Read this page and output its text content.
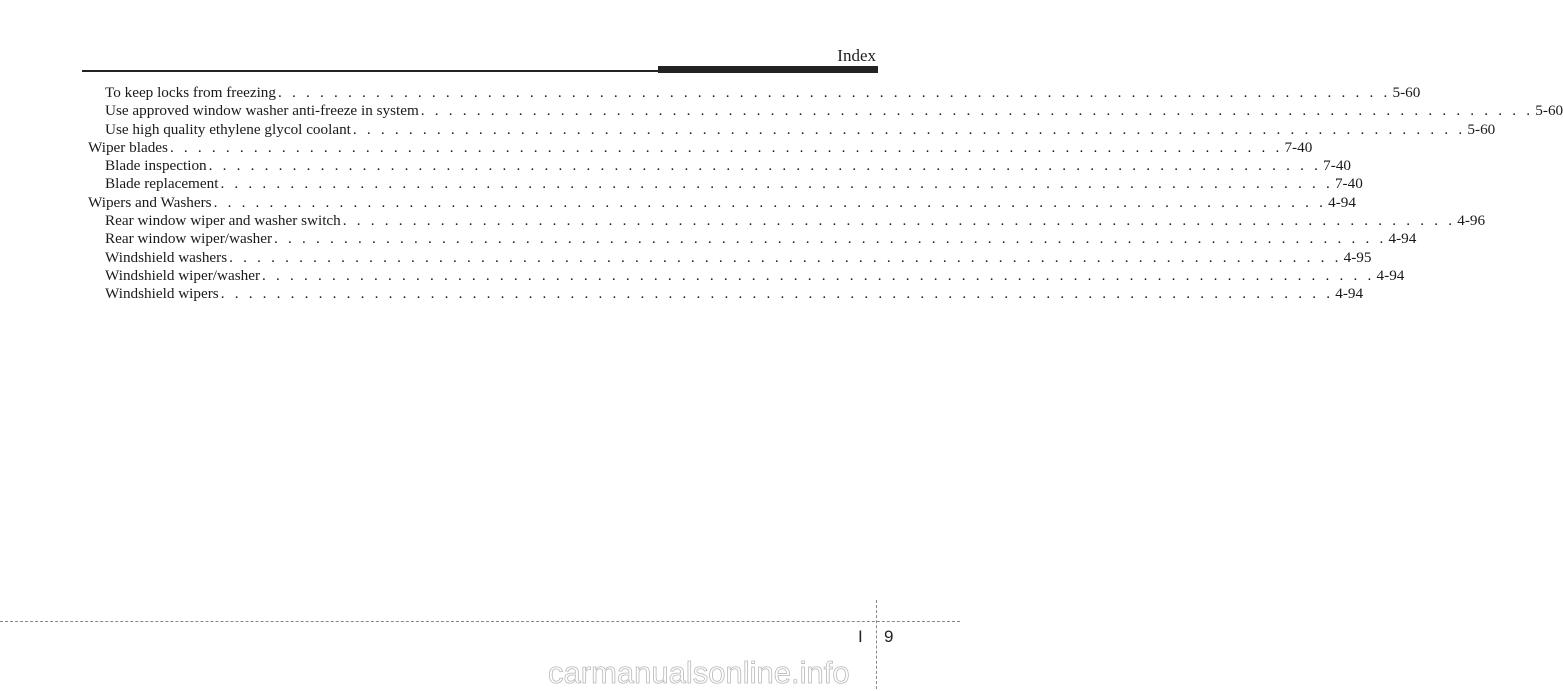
Index
To keep locks from freezing . . . . . . . . . . . . . . . . . . . . . . . . . . . . . . . . . . . . . . . . . . . . . . . . . . . . . . . . . . . . . . . . . . . . . . . . . . . . . . . . 5-60
Use approved window washer anti-freeze in system . . . . . . . . . . . . . . . . . . . . . . . . . . . . . . . . . . . . . . . . . . . . . . . . . . . . . . . . . . . . . . . . . . . . . . . . . . . . . . . . 5-60
Use high quality ethylene glycol coolant . . . . . . . . . . . . . . . . . . . . . . . . . . . . . . . . . . . . . . . . . . . . . . . . . . . . . . . . . . . . . . . . . . . . . . . . . . . . . . . . 5-60
Wiper blades . . . . . . . . . . . . . . . . . . . . . . . . . . . . . . . . . . . . . . . . . . . . . . . . . . . . . . . . . . . . . . . . . . . . . . . . . . . . . . . . 7-40
Blade inspection . . . . . . . . . . . . . . . . . . . . . . . . . . . . . . . . . . . . . . . . . . . . . . . . . . . . . . . . . . . . . . . . . . . . . . . . . . . . . . . . 7-40
Blade replacement . . . . . . . . . . . . . . . . . . . . . . . . . . . . . . . . . . . . . . . . . . . . . . . . . . . . . . . . . . . . . . . . . . . . . . . . . . . . . . . . 7-40
Wipers and Washers . . . . . . . . . . . . . . . . . . . . . . . . . . . . . . . . . . . . . . . . . . . . . . . . . . . . . . . . . . . . . . . . . . . . . . . . . . . . . . . . 4-94
Rear window wiper and washer switch . . . . . . . . . . . . . . . . . . . . . . . . . . . . . . . . . . . . . . . . . . . . . . . . . . . . . . . . . . . . . . . . . . . . . . . . . . . . . . . . 4-96
Rear window wiper/washer . . . . . . . . . . . . . . . . . . . . . . . . . . . . . . . . . . . . . . . . . . . . . . . . . . . . . . . . . . . . . . . . . . . . . . . . . . . . . . . . 4-94
Windshield washers . . . . . . . . . . . . . . . . . . . . . . . . . . . . . . . . . . . . . . . . . . . . . . . . . . . . . . . . . . . . . . . . . . . . . . . . . . . . . . . . 4-95
Windshield wiper/washer . . . . . . . . . . . . . . . . . . . . . . . . . . . . . . . . . . . . . . . . . . . . . . . . . . . . . . . . . . . . . . . . . . . . . . . . . . . . . . . . 4-94
Windshield wipers . . . . . . . . . . . . . . . . . . . . . . . . . . . . . . . . . . . . . . . . . . . . . . . . . . . . . . . . . . . . . . . . . . . . . . . . . . . . . . . . 4-94
I 9
carmanualsonline.info
